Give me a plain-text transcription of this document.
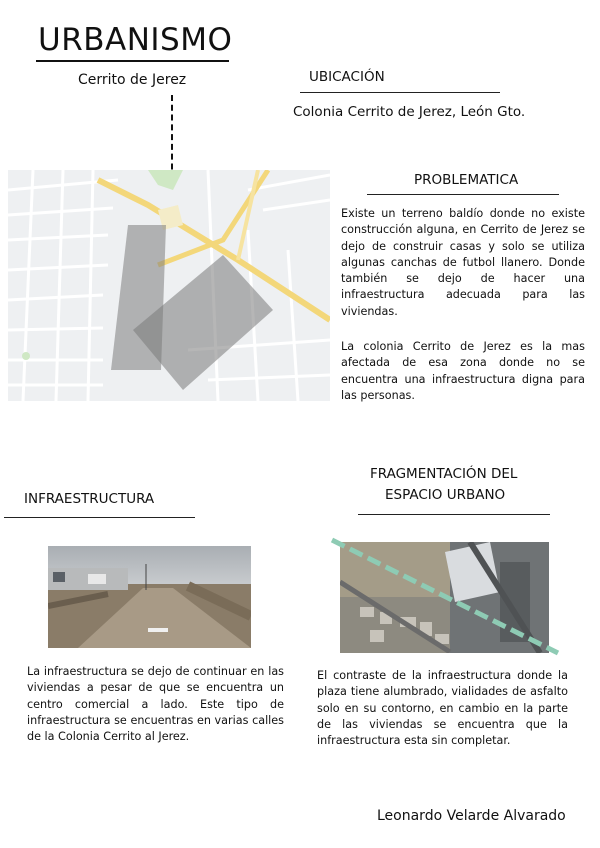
URBANISMO
Cerrito de Jerez	UBICACIÓN
Colonia Cerrito de Jerez, León Gto.
PROBLEMATICA
Existe un terreno baldío donde no existe construcción alguna, en Cerrito de Jerez se dejo de construir casas y solo se utiliza algunas canchas de futbol llanero. Donde también se dejo de hacer una infraestructura adecuada para las viviendas.
La colonia Cerrito de Jerez es la mas afectada de esa zona donde no se encuentra una infraestructura digna para las personas.
INFRAESTRUCTURA
La infraestructura se dejo de continuar en las viviendas a pesar de que se encuentra un centro comercial a lado. Este tipo de infraestructura se encuentras en varias calles de la Colonia Cerrito al Jerez.
FRAGMENTACIÓN DEL
ESPACIO URBANO
El contraste de la infraestructura donde la plaza tiene alumbrado, vialidades de asfalto solo en su contorno, en cambio en la parte de las viviendas se encuentra que la infraestructura esta sin completar.
Leonardo Velarde Alvarado
